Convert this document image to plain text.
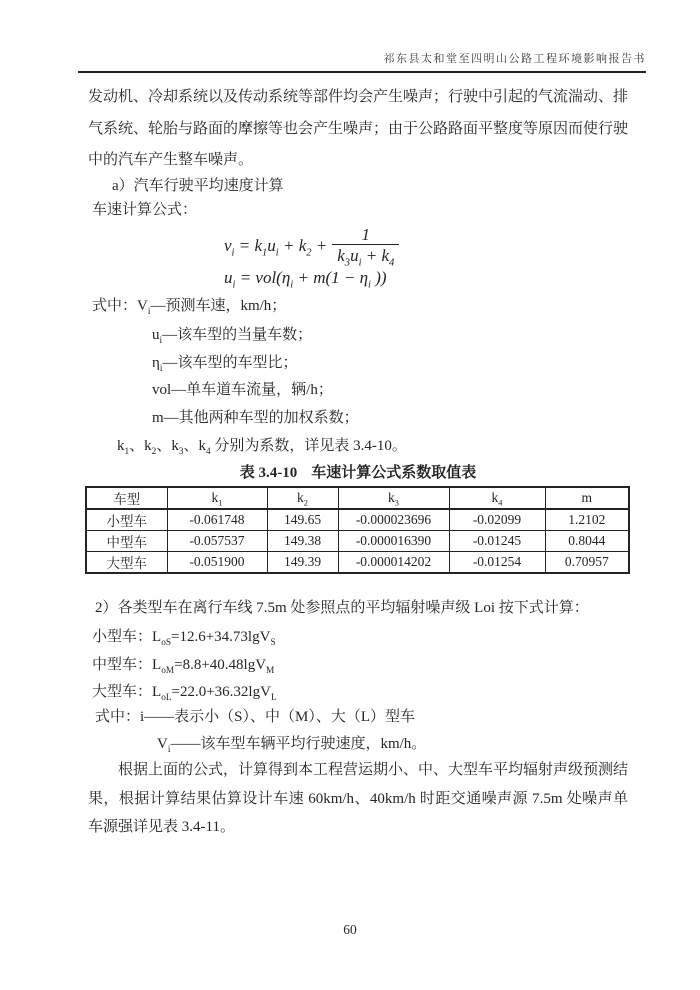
祁东县太和堂至四明山公路工程环境影响报告书
发动机、冷却系统以及传动系统等部件均会产生噪声；行驶中引起的气流湍动、排气系统、轮胎与路面的摩擦等也会产生噪声；由于公路路面平整度等原因而使行驶中的汽车产生整车噪声。
a）汽车行驶平均速度计算
车速计算公式：
$v_i = k_1u_i + k_2 + \frac{1}{k_3u_i + k_4}$
$u_i = vol(\eta_i + m(1 - \eta_i$ ))
式中：$V_i—$预测车速，km/h；
$u_i—$该车型的当量车数；
$\eta_i—$该车型的车型比；
vol—单车道车流量，辆/h；
m—其他两种车型的加权系数；
$k_1$、$k_2$、$k_3$、$k_4$ 分别为系数，详见表 3.4-10。
表 3.4-10 车速计算公式系数取值表
车型	$k_1$	$k_2$	$k_3$	$k_4$	m
小型车	-0.061748	149.65	-0.000023696	-0.02099	1.2102
中型车	-0.057537	149.38	-0.000016390	-0.01245	0.8044
大型车	-0.051900	149.39	-0.000014202	-0.01254	0.70957
2）各类型车在离行车线 7.5m 处参照点的平均辐射噪声级 Loi 按下式计算：
小型车：$L_{oS}=12.6+34.73\lg V_S$
中型车：$L_{oM}=8.8+40.48\lg V_M$
大型车：$L_{oL}=22.0+36.32\lg V_L$
式中：i——表示小（S）、中（M）、大（L）型车
$V_i——$该车型车辆平均行驶速度，km/h。
根据上面的公式，计算得到本工程营运期小、中、大型车平均辐射声级预测结果，根据计算结果估算设计车速 60km/h、40km/h 时距交通噪声源 7.5m 处噪声单车源强详见表 3.4-11。
60
